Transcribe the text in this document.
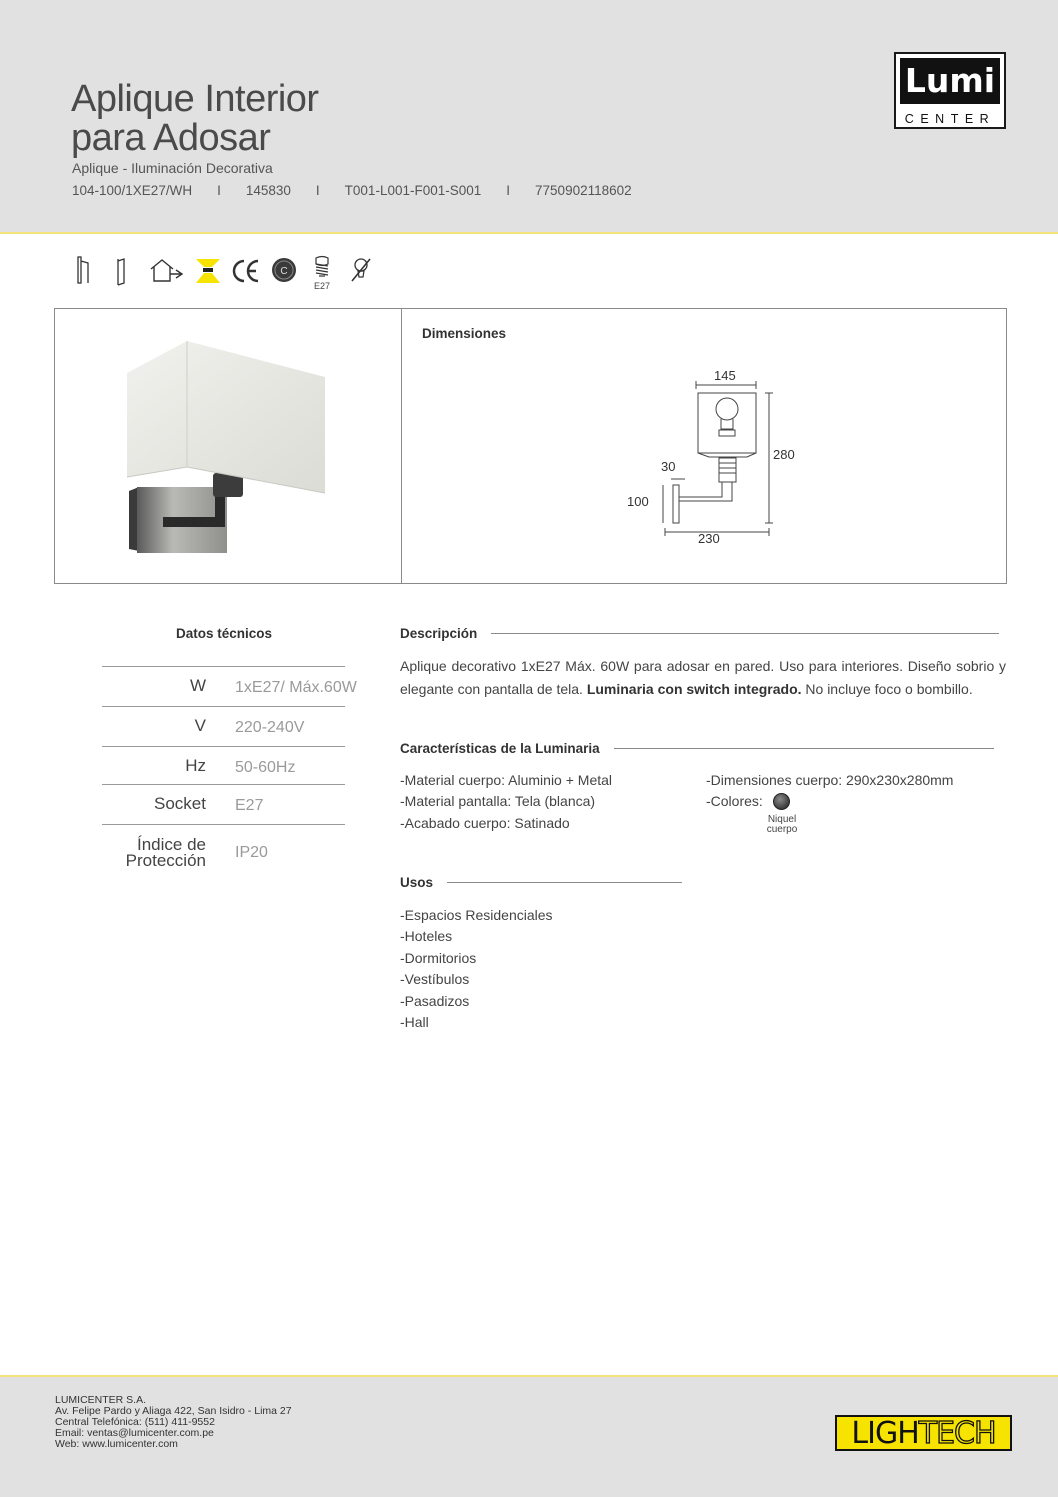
Aplique Interior
para Adosar
Aplique - Iluminación Decorativa
104-100/1XE27/WH I 145830 I T001-L001-F001-S001 I 7750902118602
Lumi
CENTER
C
E27
Dimensiones
145
280
30
100
230
Datos técnicos
W 1xE27/ Máx.60W
V 220-240V
Hz 50-60Hz
Socket E27
Índice de
Protección IP20
Descripción
Aplique decorativo 1xE27 Máx. 60W para adosar en pared. Uso para interiores. Diseño sobrio y elegante con pantalla de tela. Luminaria con switch integrado. No incluye foco o bombillo.
Características de la Luminaria
-Material cuerpo: Aluminio + Metal
-Material pantalla: Tela (blanca)
-Acabado cuerpo: Satinado
-Dimensiones cuerpo: 290x230x280mm
-Colores:
Niquel
cuerpo
Usos
-Espacios Residenciales
-Hoteles
-Dormitorios
-Vestíbulos
-Pasadizos
-Hall
LUMICENTER S.A.
Av. Felipe Pardo y Aliaga 422, San Isidro - Lima 27
Central Telefónica: (511) 411-9552
Email: ventas@lumicenter.com.pe
Web: www.lumicenter.com	LIGHTECH
